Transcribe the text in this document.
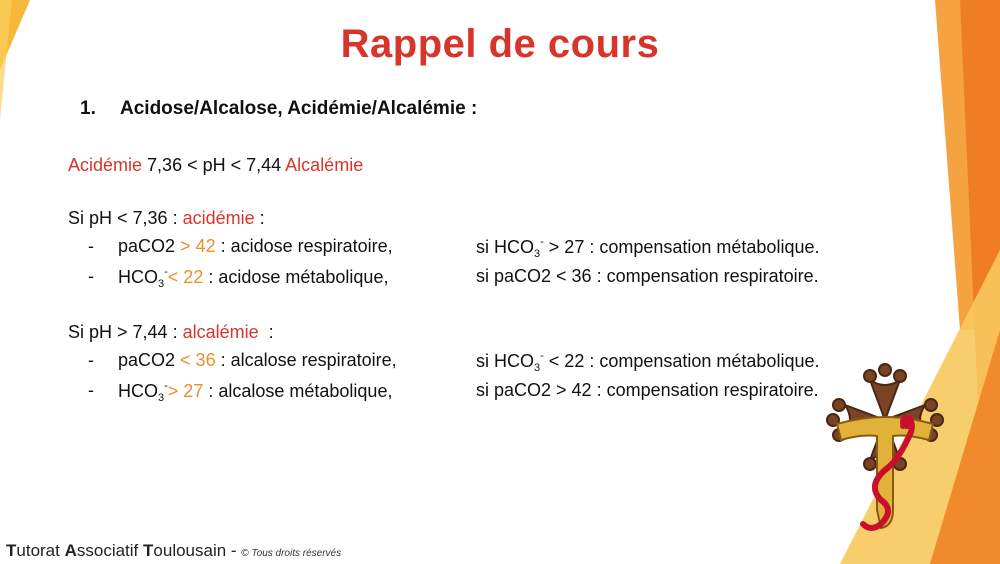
Rappel de cours
1. Acidose/Alcalose, Acidémie/Alcalémie :
Acidémie 7,36 < pH < 7,44 Alcalémie
Si pH < 7,36 : acidémie :
- paCO2 > 42 : acidose respiratoire,	si $HCO_3^- > 27$ : compensation métabolique.
- $HCO_3^-< 22$ : acidose métabolique,	si paCO2 < 36 : compensation respiratoire.
Si pH > 7,44 : alcalémie  :
- paCO2 < 36 : alcalose respiratoire,	si $HCO_3^- < 22$ : compensation métabolique.
- $HCO_3^-> 27$ : alcalose métabolique,	si paCO2 > 42 : compensation respiratoire.
Tutorat Associatif Toulousain - © Tous droits réservés
